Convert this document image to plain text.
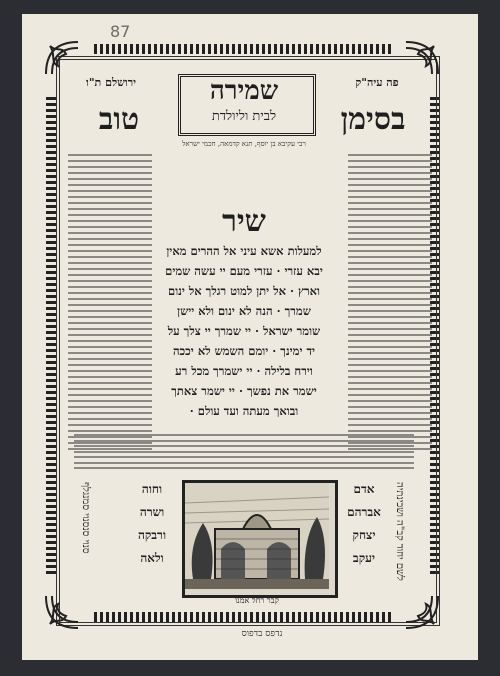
87
שמירה
לבית וליולדת
פה עיה"ק
ירושלם ת"ו
בסימן
טוב
רבי עקיבא בן יוסף, תנא קדמאה, חכמי ישראל
שיר
למעלות אשא עיני אל ההרים מאין
יבא עזרי · עזרי מעם יי עשה שמים
וארץ · אל יתן למוט רגלך אל ינום
שמרך · הנה לא ינום ולא יישן
שומר ישראל · יי שמרך יי צלך על
יד ימינך · יומם השמש לא יככה
וירח בלילה · יי ישמרך מכל רע
ישמר את נפשך · יי ישמר צאתך
ובואך מעתה ועד עולם ·
אדם
אברהם
יצחק
יעקב
וחוה
ושרה
ורבקה
ולאה	לשם יחוד קב"ה ושכינתיה
סנוי סנסנוי סמנגלף
קבר רחל אמנו
נדפס בדפוס
